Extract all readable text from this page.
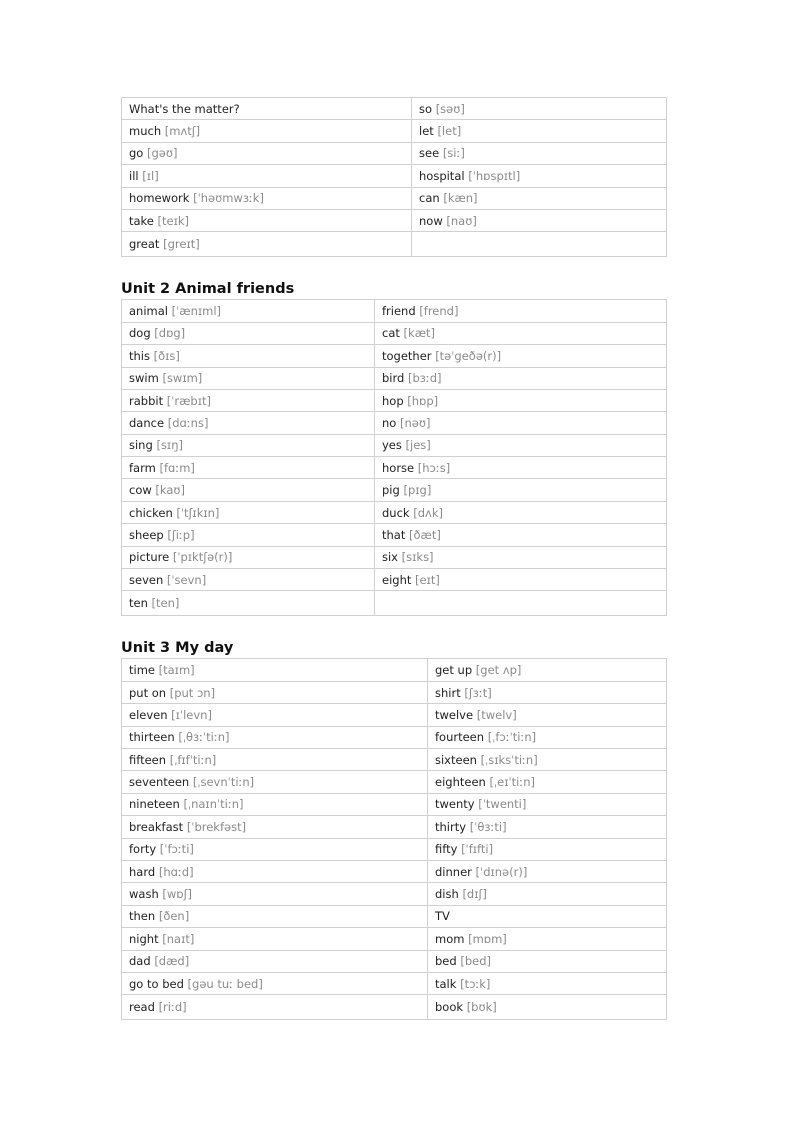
What's the matter?	so [səʊ]
much [mʌtʃ]	let [let]
go [gəʊ]	see [siː]
ill [ɪl]	hospital [ˈhɒspɪtl]
homework [ˈhəʊmwɜːk]	can [kæn]
take [teɪk]	now [naʊ]
great [greɪt]	
Unit 2 Animal friends
animal [ˈænɪml]	friend [frend]
dog [dɒg]	cat [kæt]
this [ðɪs]	together [təˈgeðə(r)]
swim [swɪm]	bird [bɜːd]
rabbit [ˈræbɪt]	hop [hɒp]
dance [dɑːns]	no [nəʊ]
sing [sɪŋ]	yes [jes]
farm [fɑːm]	horse [hɔːs]
cow [kaʊ]	pig [pɪg]
chicken [ˈtʃɪkɪn]	duck [dʌk]
sheep [ʃiːp]	that [ðæt]
picture [ˈpɪktʃə(r)]	six [sɪks]
seven [ˈsevn]	eight [eɪt]
ten [ten]	
Unit 3 My day
time [taɪm]	get up [get ʌp]
put on [put ɔn]	shirt [ʃɜːt]
eleven [ɪˈlevn]	twelve [twelv]
thirteen [ˌθɜːˈtiːn]	fourteen [ˌfɔːˈtiːn]
fifteen [ˌfɪfˈtiːn]	sixteen [ˌsɪksˈtiːn]
seventeen [ˌsevnˈtiːn]	eighteen [ˌeɪˈtiːn]
nineteen [ˌnaɪnˈtiːn]	twenty [ˈtwenti]
breakfast [ˈbrekfəst]	thirty [ˈθɜːti]
forty [ˈfɔːti]	fifty [ˈfɪfti]
hard [hɑːd]	dinner [ˈdɪnə(r)]
wash [wɒʃ]	dish [dɪʃ]
then [ðen]	TV
night [naɪt]	mom [mɒm]
dad [dæd]	bed [bed]
go to bed [gəu tuː bed]	talk [tɔːk]
read [riːd]	book [bʊk]
